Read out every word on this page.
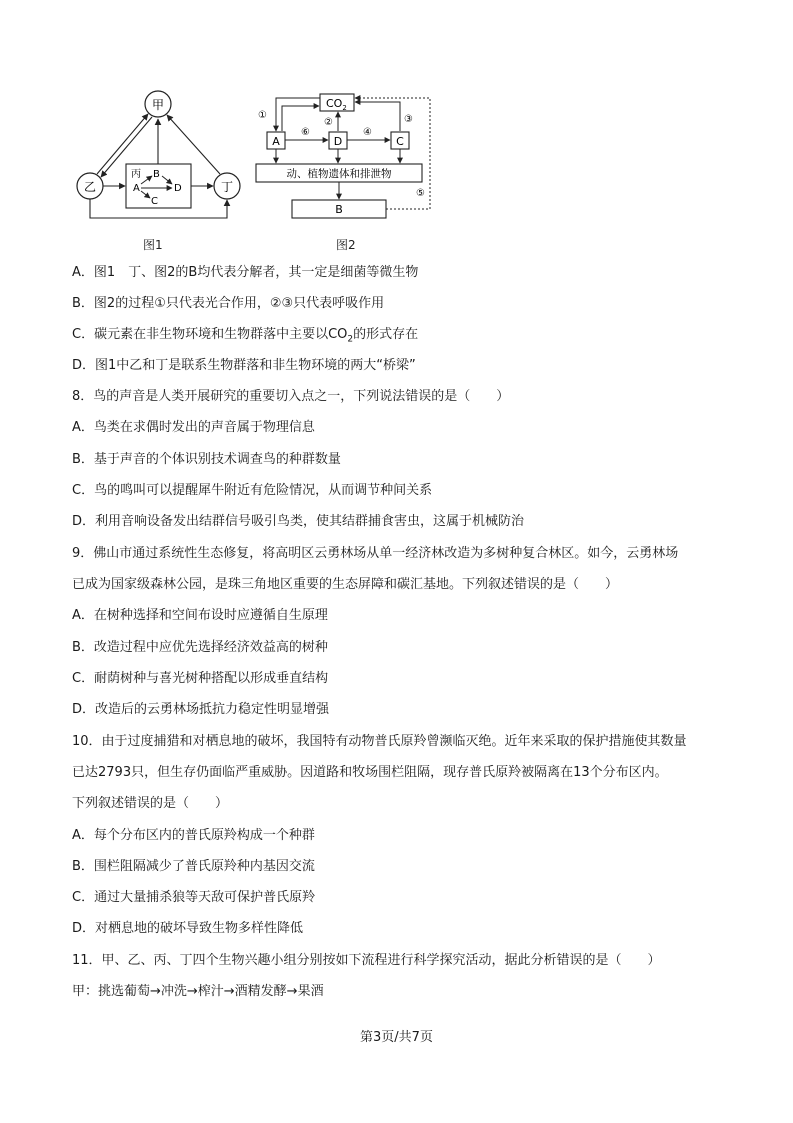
甲
乙	丁
丙
A
B
D
C
$CO_2$
A	D	C
动、植物遗体和排泄物
B
①
⑥
②
④
③
⑤
图1	图2
A．图1　丁、图2的B均代表分解者，其一定是细菌等微生物
B．图2的过程①只代表光合作用，②③只代表呼吸作用
C．碳元素在非生物环境和生物群落中主要以$CO_2$的形式存在
D．图1中乙和丁是联系生物群落和非生物环境的两大“桥梁”
8．鸟的声音是人类开展研究的重要切入点之一，下列说法错误的是（　　）
A．鸟类在求偶时发出的声音属于物理信息
B．基于声音的个体识别技术调查鸟的种群数量
C．鸟的鸣叫可以提醒犀牛附近有危险情况，从而调节种间关系
D．利用音响设备发出结群信号吸引鸟类，使其结群捕食害虫，这属于机械防治
9．佛山市通过系统性生态修复，将高明区云勇林场从单一经济林改造为多树种复合林区。如今，云勇林场
已成为国家级森林公园，是珠三角地区重要的生态屏障和碳汇基地。下列叙述错误的是（　　）
A．在树种选择和空间布设时应遵循自生原理
B．改造过程中应优先选择经济效益高的树种
C．耐荫树种与喜光树种搭配以形成垂直结构
D．改造后的云勇林场抵抗力稳定性明显增强
10．由于过度捕猎和对栖息地的破坏，我国特有动物普氏原羚曾濒临灭绝。近年来采取的保护措施使其数量
已达2793只，但生存仍面临严重威胁。因道路和牧场围栏阻隔，现存普氏原羚被隔离在13个分布区内。
下列叙述错误的是（　　）
A．每个分布区内的普氏原羚构成一个种群
B．围栏阻隔减少了普氏原羚种内基因交流
C．通过大量捕杀狼等天敌可保护普氏原羚
D．对栖息地的破坏导致生物多样性降低
11．甲、乙、丙、丁四个生物兴趣小组分别按如下流程进行科学探究活动，据此分析错误的是（　　）
甲：挑选葡萄→冲洗→榨汁→酒精发酵→果酒
第3页/共7页
